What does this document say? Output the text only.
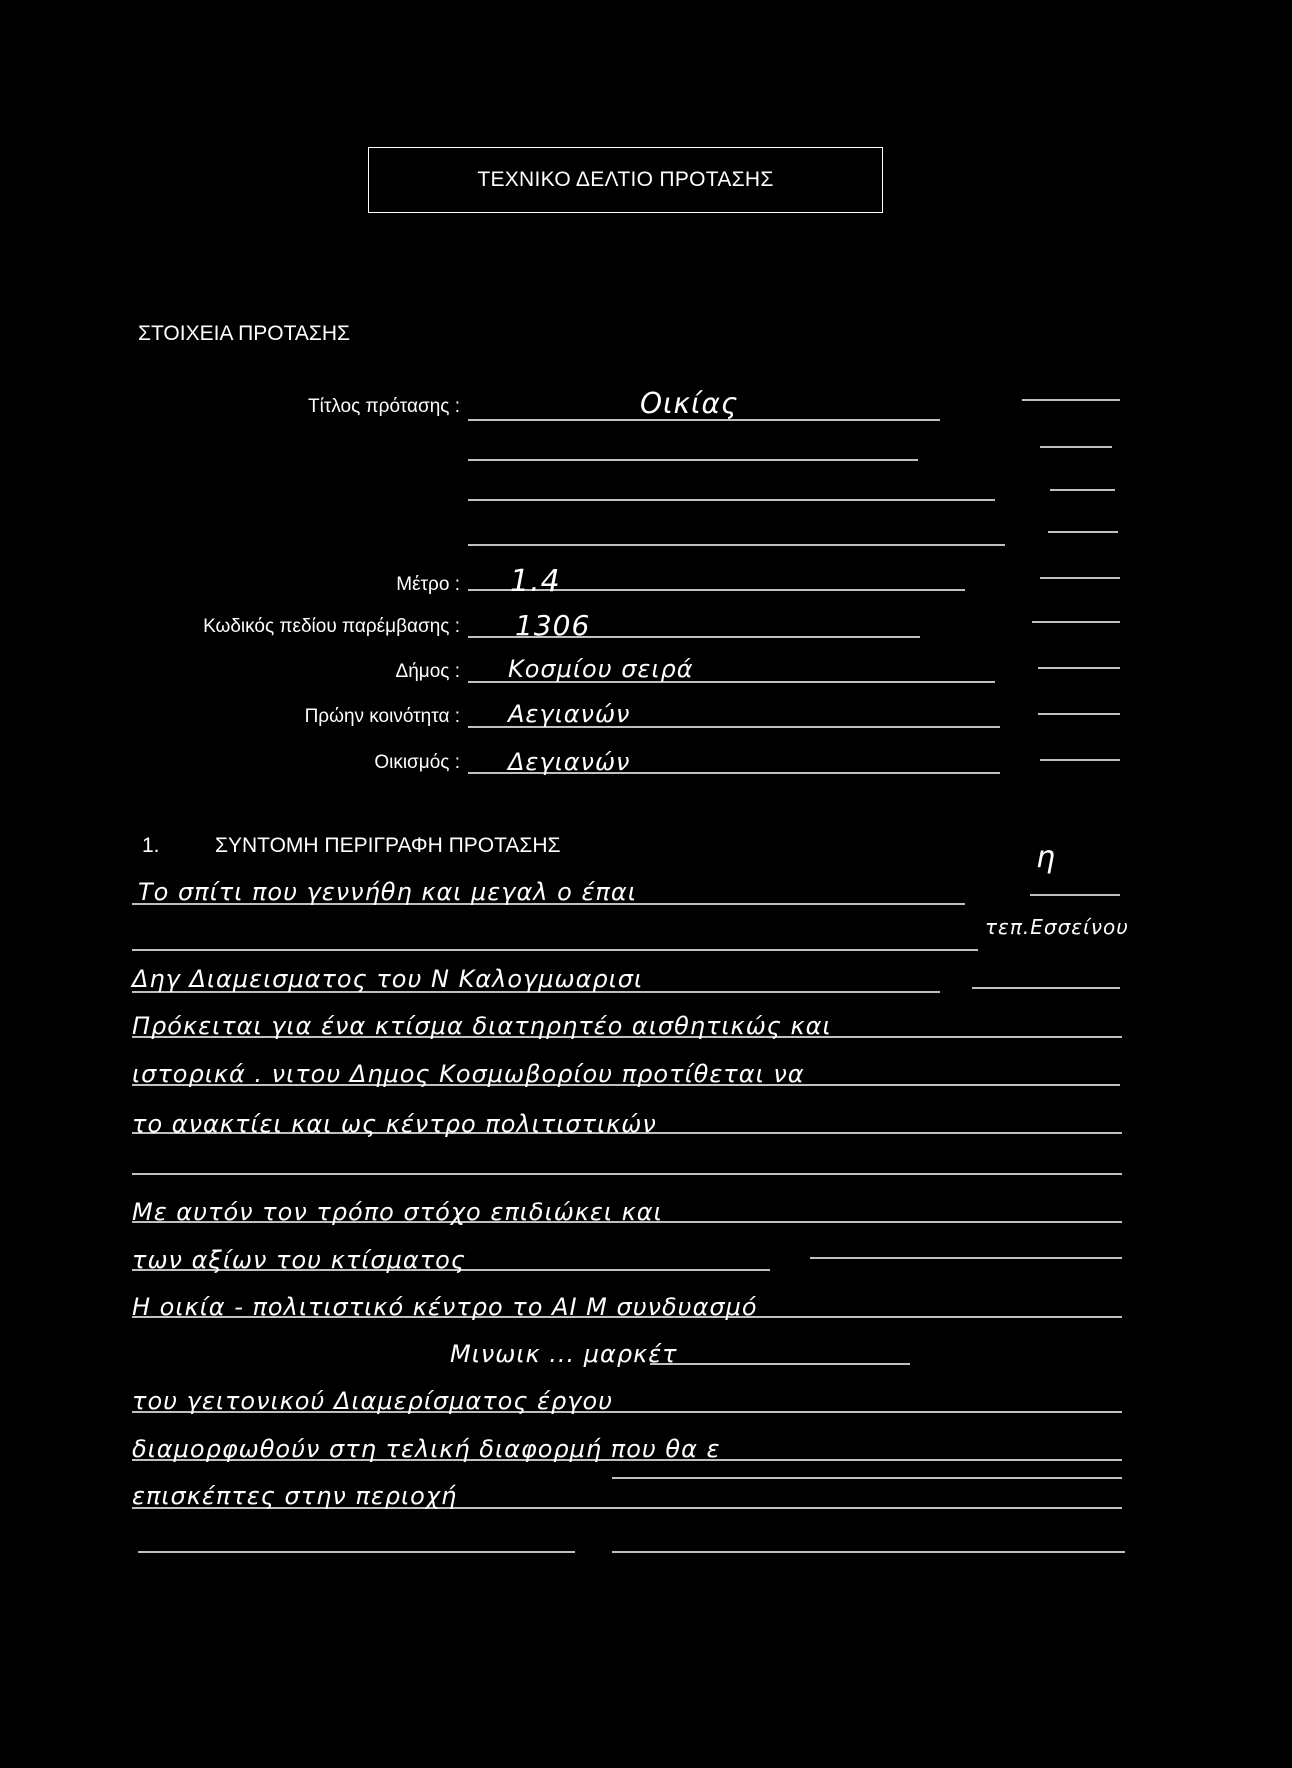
ΤΕΧΝΙΚΟ ΔΕΛΤΙΟ ΠΡΟΤΑΣΗΣ
ΣΤΟΙΧΕΙΑ ΠΡΟΤΑΣΗΣ
Τίτλος πρότασης :
Μέτρο :
Κωδικός πεδίου παρέμβασης :
Δήμος :
Πρώην κοινότητα :
Οικισμός :
Οικίας
1.4
1306
Κοσμίου σειρά
Αεγιανών
Δεγιανών
1.	ΣΥΝΤΟΜΗ ΠΕΡΙΓΡΑΦΗ ΠΡΟΤΑΣΗΣ	η
Το σπίτι που γεννήθη και μεγαλ ο έπαι
τεπ.Εσσείνου
Δηγ Διαμεισματος του Ν Καλογμωαρισι
Πρόκειται για ένα κτίσμα διατηρητέο αισθητικώς και
ιστορικά . νιτου Δημος Κοσμωβορίου προτίθεται να
το ανακτίει και ως κέντρο πολιτιστικών
Με αυτόν τον τρόπο στόχο επιδιώκει και
των αξίων του κτίσματος
Η οικία - πολιτιστικό κέντρο το ΑΙ Μ συνδυασμό
Μινωικ ... μαρκέτ
του γειτονικού Διαμερίσματος έργου
διαμορφωθούν στη τελική διαφορμή που θα ε
επισκέπτες στην περιοχή
